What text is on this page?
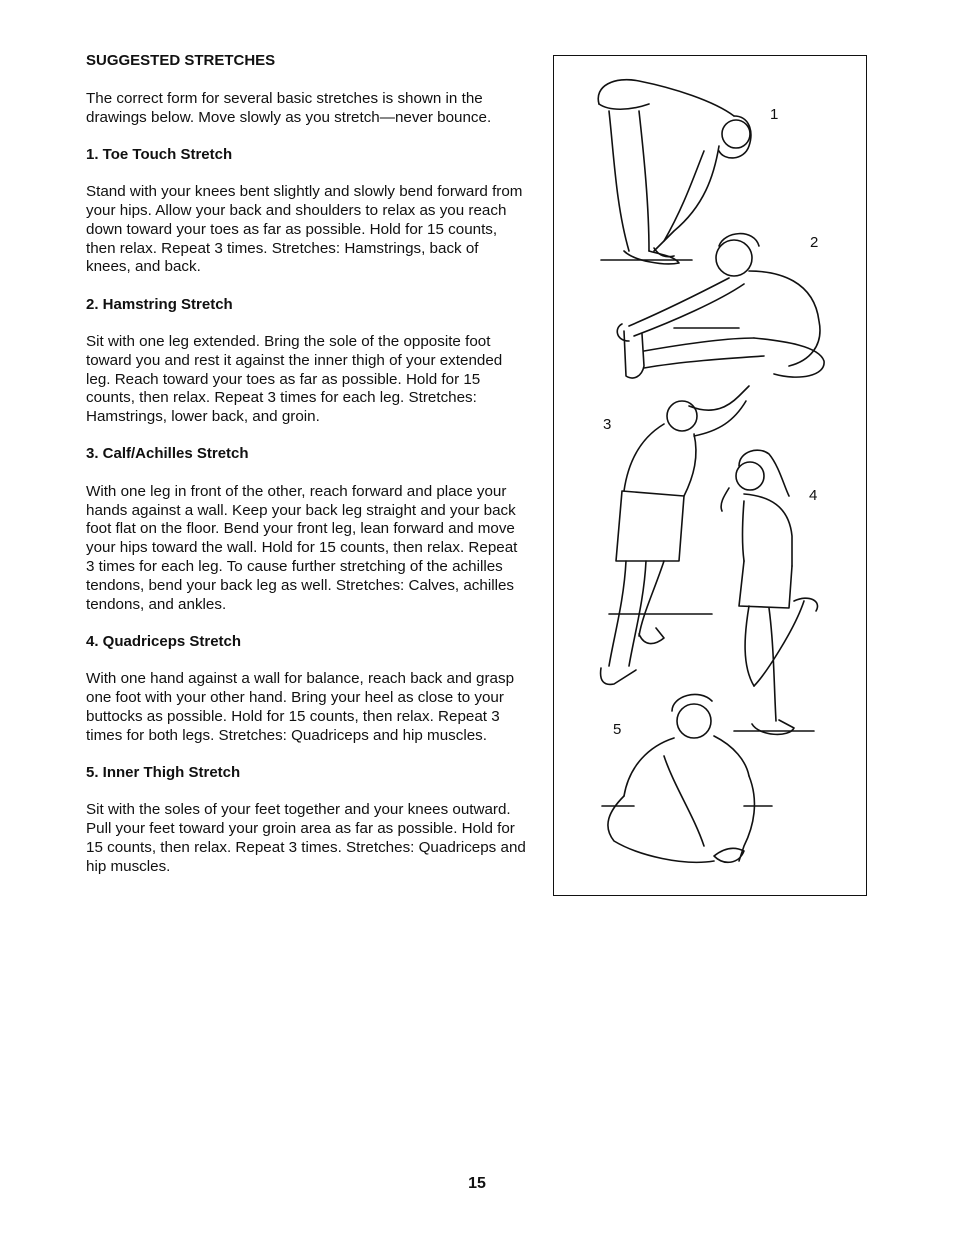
SUGGESTED STRETCHES

The correct form for several basic stretches is shown in the drawings below. Move slowly as you stretch—never bounce.

1. Toe Touch Stretch

Stand with your knees bent slightly and slowly bend forward from your hips. Allow your back and shoulders to relax as you reach down toward your toes as far as possible. Hold for 15 counts, then relax. Repeat 3 times. Stretches: Hamstrings, back of knees, and back.

2. Hamstring Stretch

Sit with one leg extended. Bring the sole of the opposite foot toward you and rest it against the inner thigh of your extended leg. Reach toward your toes as far as possible. Hold for 15 counts, then relax. Repeat 3 times for each leg. Stretches: Hamstrings, lower back, and groin.

3. Calf/Achilles Stretch

With one leg in front of the other, reach forward and place your hands against a wall. Keep your back leg straight and your back foot flat on the floor. Bend your front leg, lean forward and move your hips toward the wall. Hold for 15 counts, then relax. Repeat 3 times for each leg. To cause further stretching of the achilles tendons, bend your back leg as well. Stretches: Calves, achilles tendons, and ankles.

4. Quadriceps Stretch

With one hand against a wall for balance, reach back and grasp one foot with your other hand. Bring your heel as close to your buttocks as possible. Hold for 15 counts, then relax. Repeat 3 times for both legs. Stretches: Quadriceps and hip muscles.

5. Inner Thigh Stretch

Sit with the soles of your feet together and your knees outward. Pull your feet toward your groin area as far as possible. Hold for 15 counts, then relax. Repeat 3 times. Stretches: Quadriceps and hip muscles.

1
2
3
4
5
15
